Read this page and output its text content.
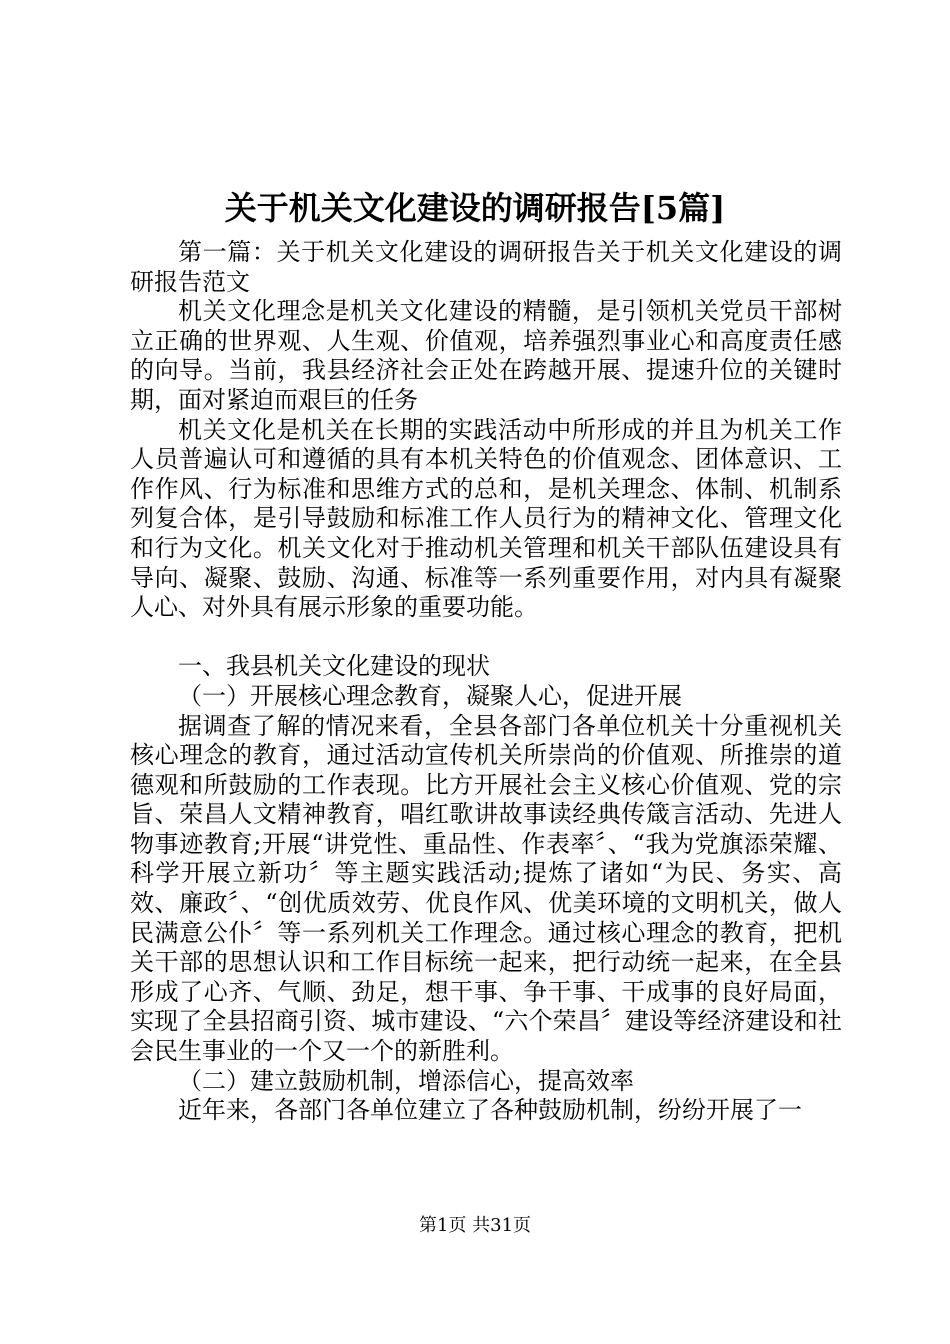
关于机关文化建设的调研报告[5篇]

第一篇：关于机关文化建设的调研报告关于机关文化建设的调研报告范文

机关文化理念是机关文化建设的精髓，是引领机关党员干部树立正确的世界观、人生观、价值观，培养强烈事业心和高度责任感的向导。当前，我县经济社会正处在跨越开展、提速升位的关键时期，面对紧迫而艰巨的任务

机关文化是机关在长期的实践活动中所形成的并且为机关工作人员普遍认可和遵循的具有本机关特色的价值观念、团体意识、工作作风、行为标准和思维方式的总和，是机关理念、体制、机制系列复合体，是引导鼓励和标准工作人员行为的精神文化、管理文化和行为文化。机关文化对于推动机关管理和机关干部队伍建设具有导向、凝聚、鼓励、沟通、标准等一系列重要作用，对内具有凝聚人心、对外具有展示形象的重要功能。

一、我县机关文化建设的现状

（一）开展核心理念教育，凝聚人心，促进开展

据调查了解的情况来看，全县各部门各单位机关十分重视机关核心理念的教育，通过活动宣传机关所崇尚的价值观、所推崇的道德观和所鼓励的工作表现。比方开展社会主义核心价值观、党的宗旨、荣昌人文精神教育，唱红歌讲故事读经典传箴言活动、先进人物事迹教育;开展“讲党性、重品性、作表率〞、“我为党旗添荣耀、科学开展立新功〞等主题实践活动;提炼了诸如“为民、务实、高效、廉政〞、“创优质效劳、优良作风、优美环境的文明机关，做人民满意公仆〞等一系列机关工作理念。通过核心理念的教育，把机关干部的思想认识和工作目标统一起来，把行动统一起来，在全县形成了心齐、气顺、劲足，想干事、争干事、干成事的良好局面，实现了全县招商引资、城市建设、“六个荣昌〞建设等经济建设和社会民生事业的一个又一个的新胜利。

（二）建立鼓励机制，增添信心，提高效率

近年来，各部门各单位建立了各种鼓励机制，纷纷开展了一

第1页 共31页
